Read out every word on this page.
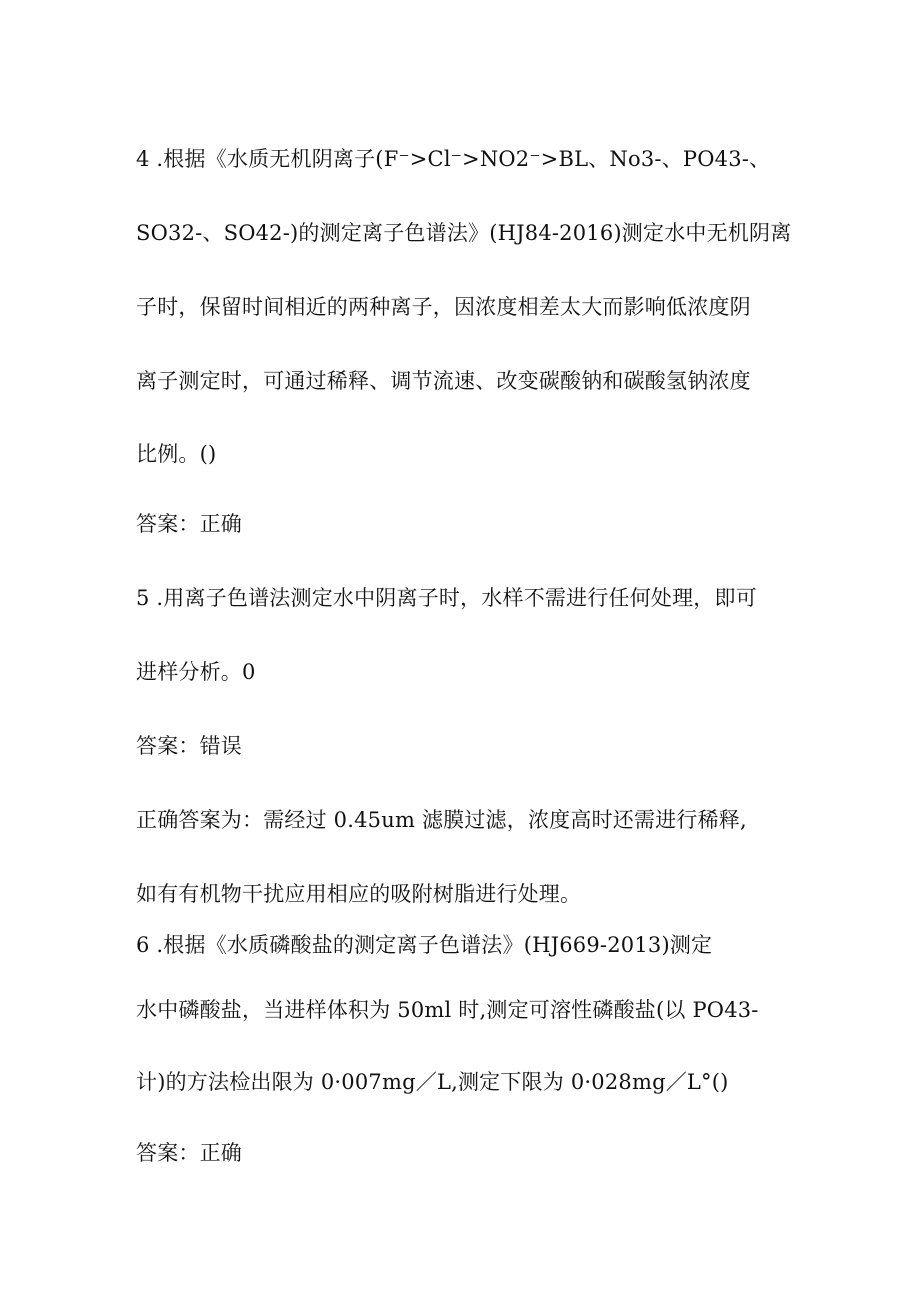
4 .根据《水质无机阴离子(F⁻>Cl⁻>NO2⁻>BL、No3-、PO43-、
SO32-、SO42-)的测定离子色谱法》(HJ84-2016)测定水中无机阴离
子时，保留时间相近的两种离子，因浓度相差太大而影响低浓度阴
离子测定时，可通过稀释、调节流速、改变碳酸钠和碳酸氢钠浓度
比例。()
答案：正确
5 .用离子色谱法测定水中阴离子时，水样不需进行任何处理，即可
进样分析。0
答案：错误
正确答案为：需经过 0.45um 滤膜过滤，浓度高时还需进行稀释,
如有有机物干扰应用相应的吸附树脂进行处理。
6 .根据《水质磷酸盐的测定离子色谱法》(HJ669-2013)测定
水中磷酸盐，当进样体积为 50ml 时,测定可溶性磷酸盐(以 PO43-
计)的方法检出限为 0·007mg／L,测定下限为 0·028mg／L°()
答案：正确
